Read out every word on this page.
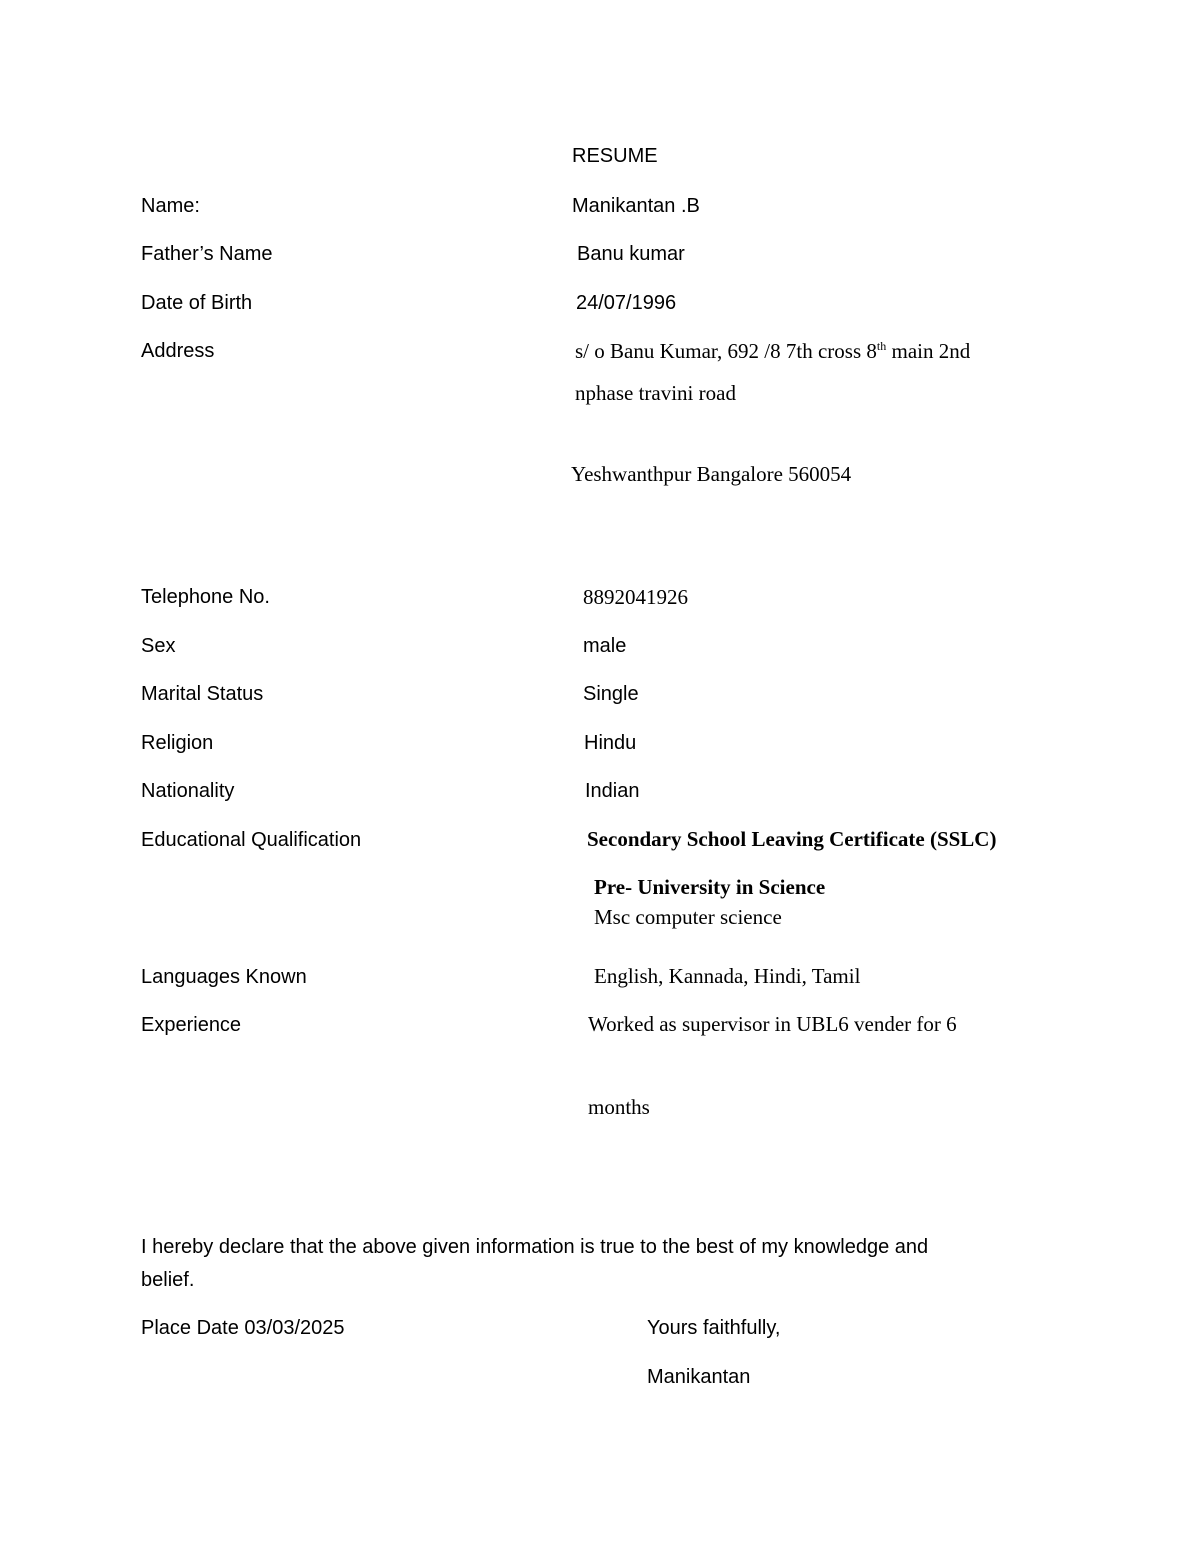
RESUME
Name:	Manikantan .B
Father’s Name	Banu kumar
Date of Birth	24/07/1996
Address	s/ o Banu Kumar, 692 /8 7th cross 8th main 2nd
nphase travini road
Yeshwanthpur Bangalore 560054
Telephone No.	8892041926
Sex	male
Marital Status	Single
Religion	Hindu
Nationality	Indian
Educational Qualification	Secondary School Leaving Certificate (SSLC)
Pre- University in Science
Msc computer science
Languages Known	English, Kannada, Hindi, Tamil
Experience	Worked as supervisor in UBL6 vender for 6
months
I hereby declare that the above given information is true to the best of my knowledge and
belief.
Place Date 03/03/2025	Yours faithfully,
Manikantan
